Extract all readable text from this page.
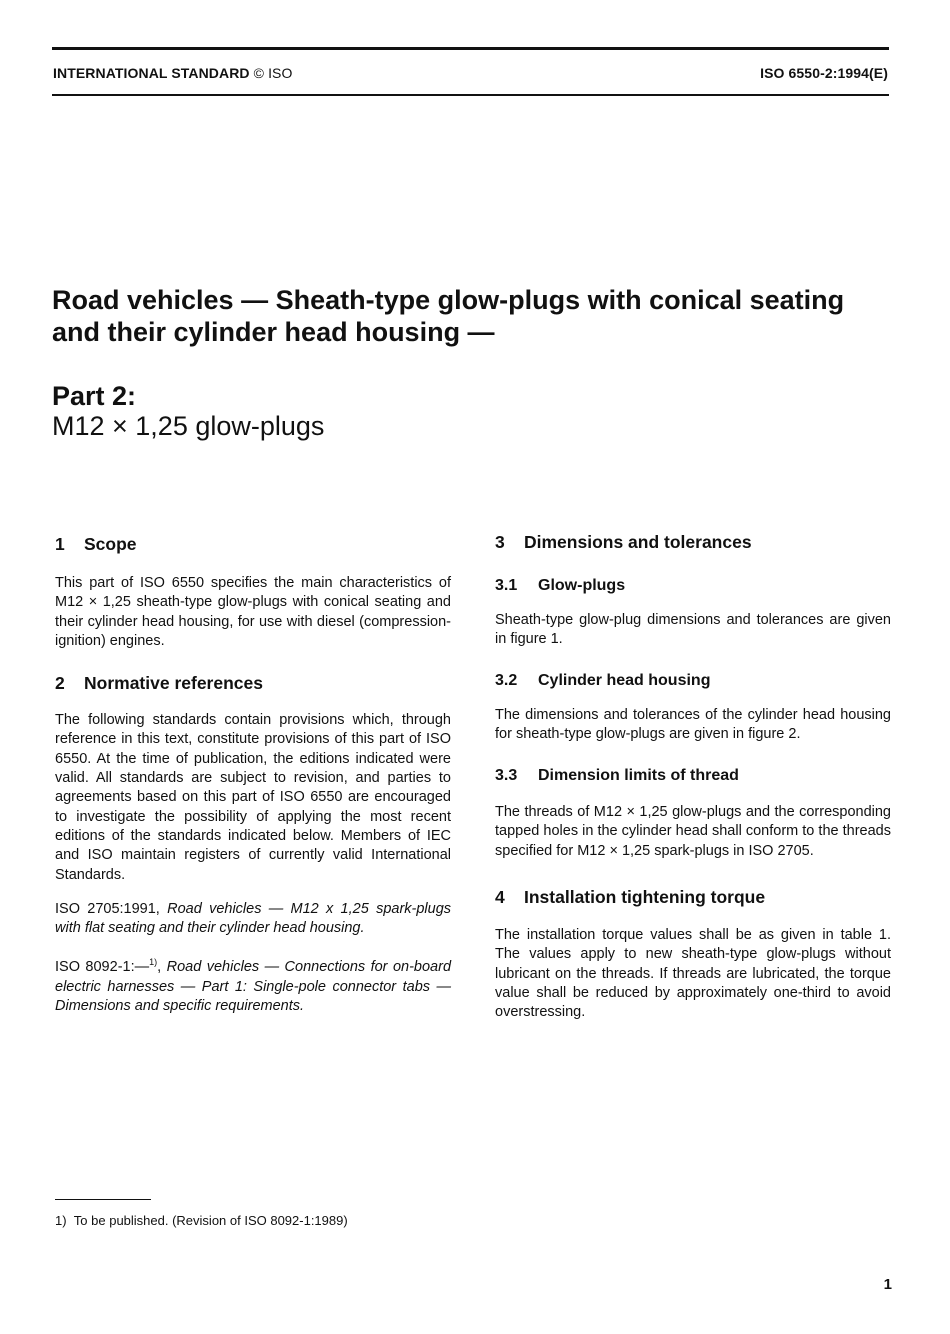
INTERNATIONAL STANDARD © ISO	ISO 6550-2:1994(E)
Road vehicles — Sheath-type glow-plugs with conical seating and their cylinder head housing —
Part 2:
M12 × 1,25 glow-plugs
1 Scope

This part of ISO 6550 specifies the main characteristics of M12 × 1,25 sheath-type glow-plugs with conical seating and their cylinder head housing, for use with diesel (compression-ignition) engines.

2 Normative references

The following standards contain provisions which, through reference in this text, constitute provisions of this part of ISO 6550. At the time of publication, the editions indicated were valid. All standards are subject to revision, and parties to agreements based on this part of ISO 6550 are encouraged to investigate the possibility of applying the most recent editions of the standards indicated below. Members of IEC and ISO maintain registers of currently valid International Standards.

ISO 2705:1991, Road vehicles — M12 x 1,25 spark-plugs with flat seating and their cylinder head housing.

ISO 8092-1:—$^{1)}$, Road vehicles — Connections for on-board electric harnesses — Part 1: Single-pole connector tabs — Dimensions and specific requirements.

3 Dimensions and tolerances
3.1 Glow-plugs

Sheath-type glow-plug dimensions and tolerances are given in figure 1.

3.2 Cylinder head housing

The dimensions and tolerances of the cylinder head housing for sheath-type glow-plugs are given in figure 2.

3.3 Dimension limits of thread

The threads of M12 × 1,25 glow-plugs and the corresponding tapped holes in the cylinder head shall conform to the threads specified for M12 × 1,25 spark-plugs in ISO 2705.

4 Installation tightening torque

The installation torque values shall be as given in table 1. The values apply to new sheath-type glow-plugs without lubricant on the threads. If threads are lubricated, the torque value shall be reduced by approximately one-third to avoid overstressing.

1) To be published. (Revision of ISO 8092-1:1989)
1
